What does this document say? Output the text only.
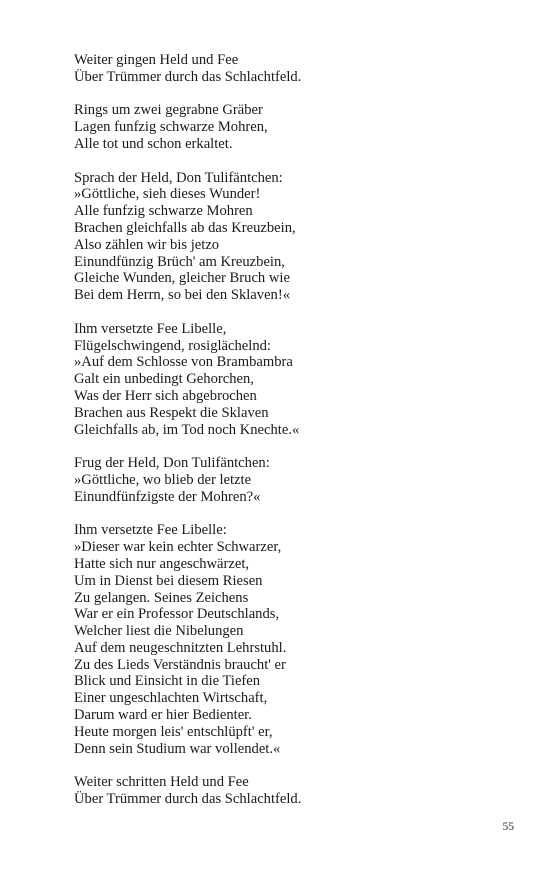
Weiter gingen Held und Fee
Über Trümmer durch das Schlachtfeld.
Rings um zwei gegrabne Gräber
Lagen funfzig schwarze Mohren,
Alle tot und schon erkaltet.
Sprach der Held, Don Tulifäntchen:
»Göttliche, sieh dieses Wunder!
Alle funfzig schwarze Mohren
Brachen gleichfalls ab das Kreuzbein,
Also zählen wir bis jetzo
Einundfünzig Brüch' am Kreuzbein,
Gleiche Wunden, gleicher Bruch wie
Bei dem Herrn, so bei den Sklaven!«
Ihm versetzte Fee Libelle,
Flügelschwingend, rosiglächelnd:
»Auf dem Schlosse von Brambambra
Galt ein unbedingt Gehorchen,
Was der Herr sich abgebrochen
Brachen aus Respekt die Sklaven
Gleichfalls ab, im Tod noch Knechte.«
Frug der Held, Don Tulifäntchen:
»Göttliche, wo blieb der letzte
Einundfünfzigste der Mohren?«
Ihm versetzte Fee Libelle:
»Dieser war kein echter Schwarzer,
Hatte sich nur angeschwärzet,
Um in Dienst bei diesem Riesen
Zu gelangen. Seines Zeichens
War er ein Professor Deutschlands,
Welcher liest die Nibelungen
Auf dem neugeschnitzten Lehrstuhl.
Zu des Lieds Verständnis braucht' er
Blick und Einsicht in die Tiefen
Einer ungeschlachten Wirtschaft,
Darum ward er hier Bedienter.
Heute morgen leis' entschlüpft' er,
Denn sein Studium war vollendet.«
Weiter schritten Held und Fee
Über Trümmer durch das Schlachtfeld.
55
